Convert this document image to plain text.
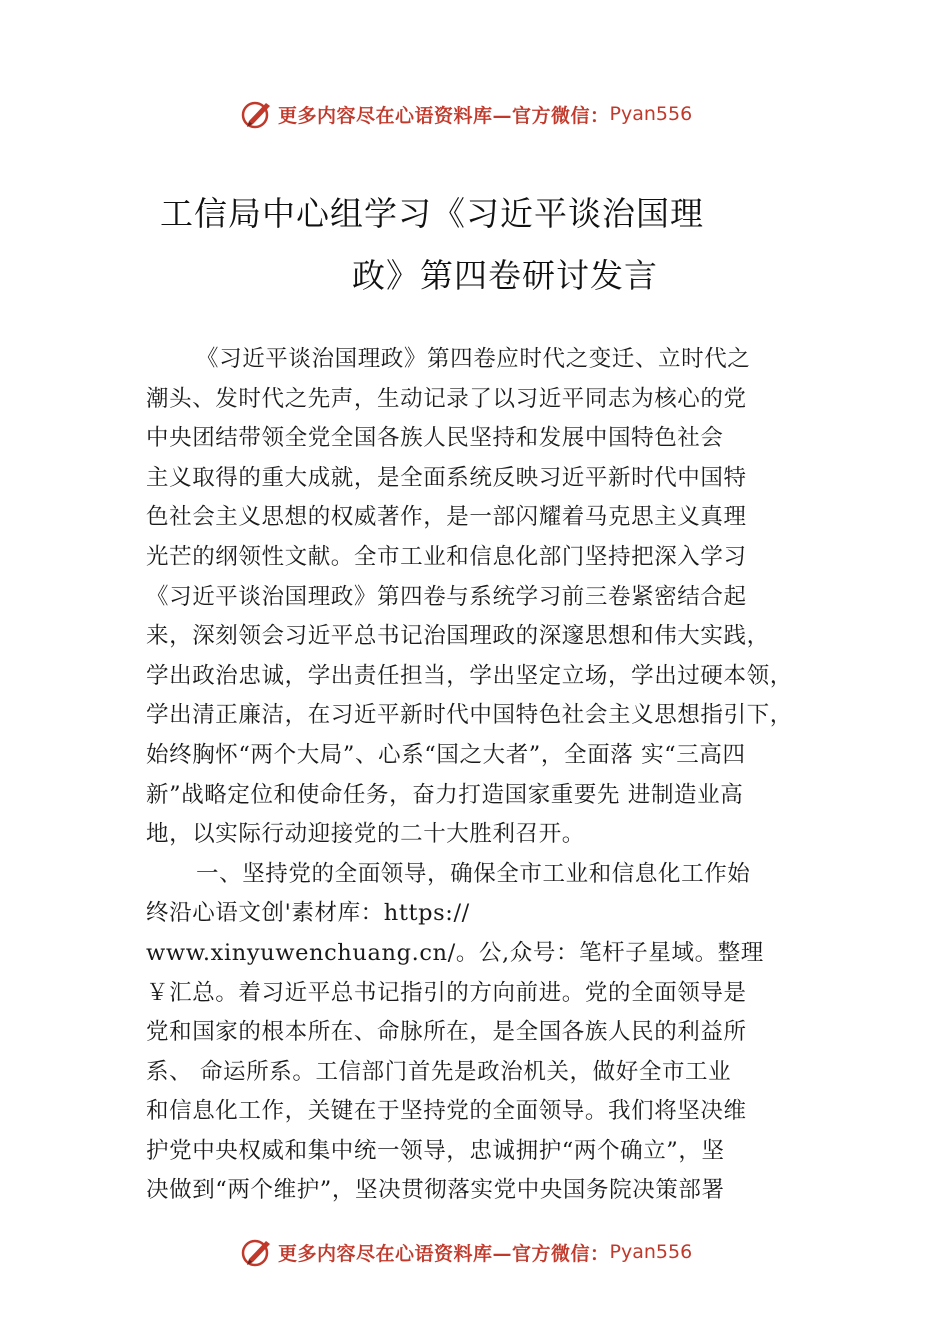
更多内容尽在心语资料库—官方微信： Pyan556
工信局中心组学习《习近平谈治国理
政》第四卷研讨发言
《习近平谈治国理政》第四卷应时代之变迁、立时代之
潮头、发时代之先声，生动记录了以习近平同志为核心的党
中央团结带领全党全国各族人民坚持和发展中国特色社会
主义取得的重大成就，是全面系统反映习近平新时代中国特
色社会主义思想的权威著作，是一部闪耀着马克思主义真理
光芒的纲领性文献。全市工业和信息化部门坚持把深入学习
《习近平谈治国理政》第四卷与系统学习前三卷紧密结合起
来，深刻领会习近平总书记治国理政的深邃思想和伟大实践，
学出政治忠诚，学出责任担当，学出坚定立场，学出过硬本领，
学出清正廉洁，在习近平新时代中国特色社会主义思想指引下，
始终胸怀“两个大局”、心系“国之大者”，全面落 实“三高四
新”战略定位和使命任务，奋力打造国家重要先 进制造业高
地，以实际行动迎接党的二十大胜利召开。
一、坚持党的全面领导，确保全市工业和信息化工作始
终沿心语文创'素材库：https://
www.xinyuwenchuang.cn/。公,众号：笔杆子星域。整理
￥汇总。着习近平总书记指引的方向前进。党的全面领导是
党和国家的根本所在、命脉所在，是全国各族人民的利益所
系、 命运所系。工信部门首先是政治机关，做好全市工业
和信息化工作，关键在于坚持党的全面领导。我们将坚决维
护党中央权威和集中统一领导，忠诚拥护“两个确立”，坚
决做到“两个维护”，坚决贯彻落实党中央国务院决策部署
更多内容尽在心语资料库—官方微信： Pyan556
